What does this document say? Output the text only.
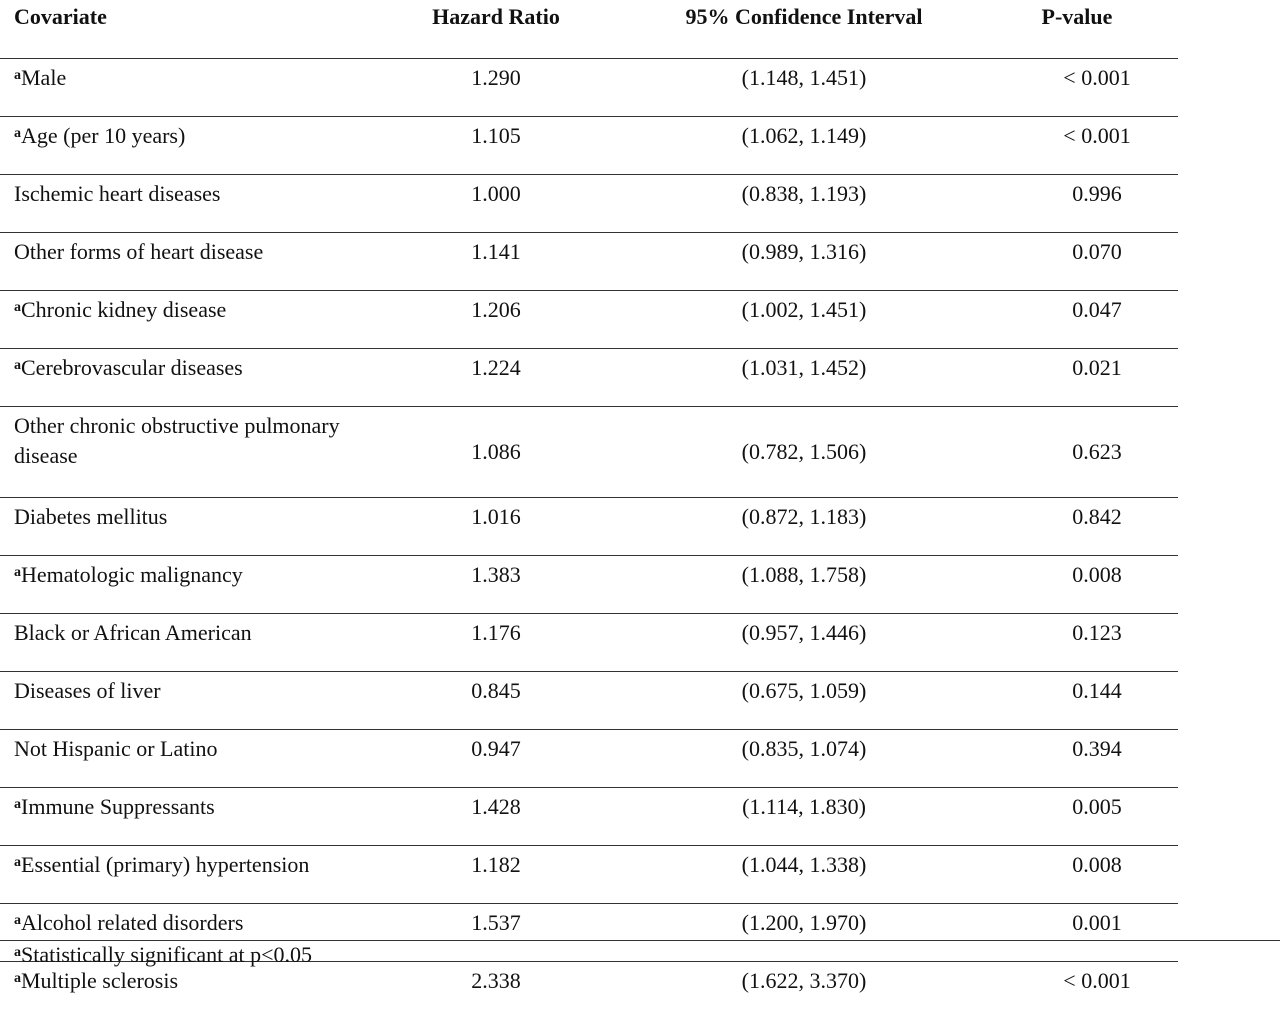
Covariate	Hazard Ratio	95% Confidence Interval	P-value
$^a$Male	1.290	(1.148, 1.451)	< 0.001
$^a$Age (per 10 years)	1.105	(1.062, 1.149)	< 0.001
Ischemic heart diseases	1.000	(0.838, 1.193)	0.996
Other forms of heart disease	1.141	(0.989, 1.316)	0.070
$^a$Chronic kidney disease	1.206	(1.002, 1.451)	0.047
$^a$Cerebrovascular diseases	1.224	(1.031, 1.452)	0.021
Other chronic obstructive pulmonary disease	1.086	(0.782, 1.506)	0.623
Diabetes mellitus	1.016	(0.872, 1.183)	0.842
$^a$Hematologic malignancy	1.383	(1.088, 1.758)	0.008
Black or African American	1.176	(0.957, 1.446)	0.123
Diseases of liver	0.845	(0.675, 1.059)	0.144
Not Hispanic or Latino	0.947	(0.835, 1.074)	0.394
$^a$Immune Suppressants	1.428	(1.114, 1.830)	0.005
$^a$Essential (primary) hypertension	1.182	(1.044, 1.338)	0.008
$^a$Alcohol related disorders	1.537	(1.200, 1.970)	0.001
$^a$Multiple sclerosis	2.338	(1.622, 3.370)	< 0.001
$^a$Statistically significant at p<0.05
